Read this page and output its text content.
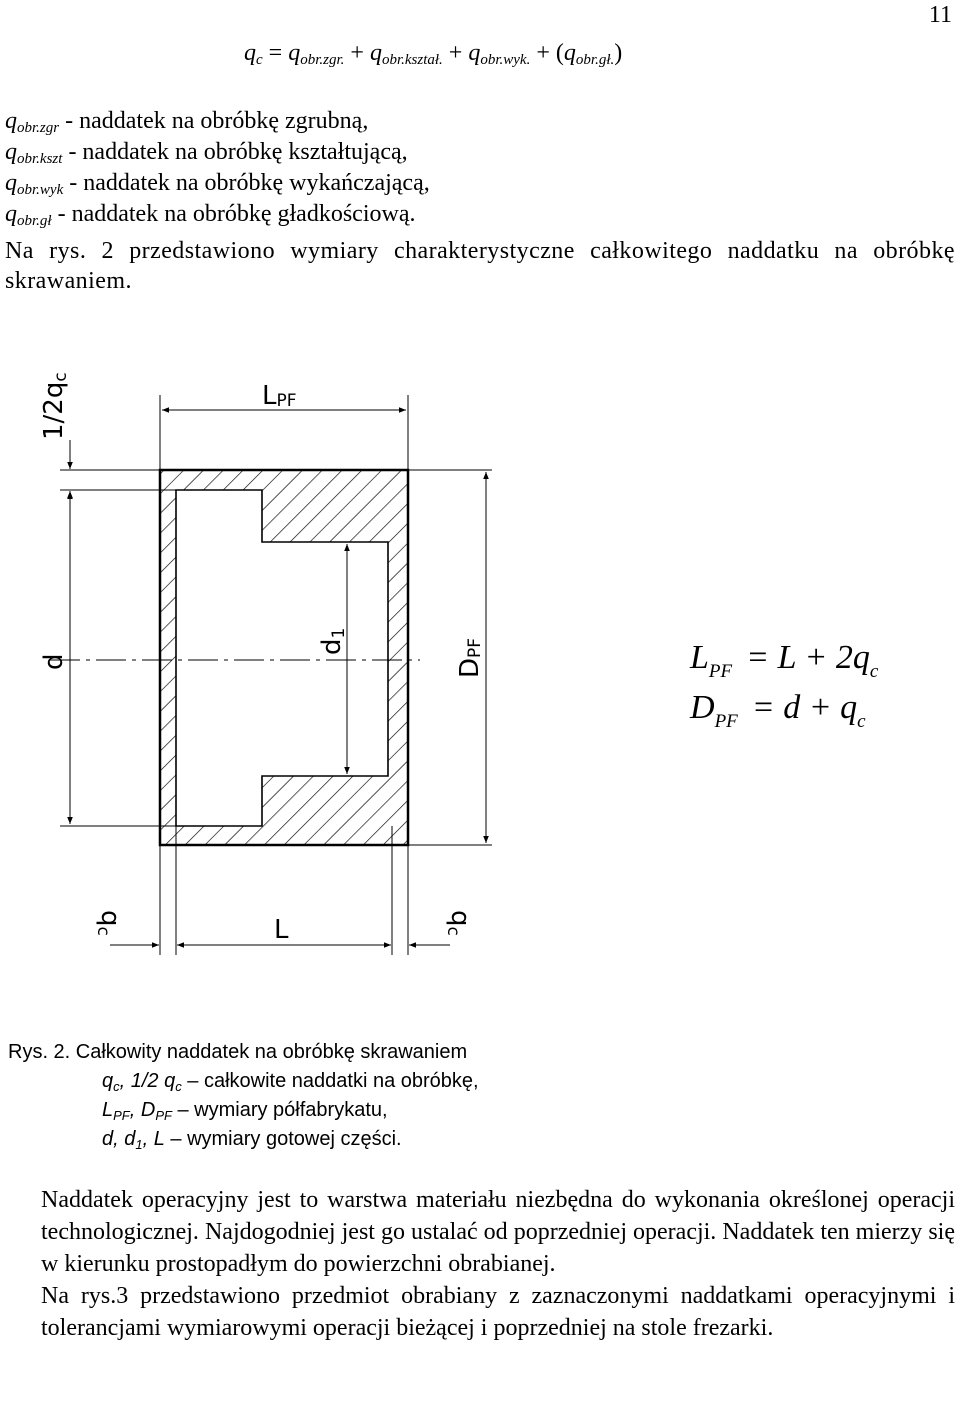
11
$q_c = q_{obr.zgr.} + q_{obr.kształ.} + q_{obr.wyk.} + (q_{obr.gł.})$
$q_{obr.zgr}$ - naddatek na obróbkę zgrubną,
$q_{obr.kszt}$ - naddatek na obróbkę kształtującą,
$q_{obr.wyk}$ - naddatek na obróbkę wykańczającą,
$q_{obr.gł}$ - naddatek na obróbkę gładkościową.
Na rys. 2 przedstawiono wymiary charakterystyczne całkowitego naddatku na obróbkę skrawaniem.
1/2qc
LPF
d
d1
DPF
qc	L	qc
$L_{PF} = L + 2q_c$
$D_{PF} = d + q_c$
Rys. 2. Całkowity naddatek na obróbkę skrawaniem
$q_c$, 1/2 $q_c$ – całkowite naddatki na obróbkę,
$L_{PF}$, $D_{PF}$ – wymiary półfabrykatu,
d, $d_1$, L – wymiary gotowej części.
Naddatek operacyjny jest to warstwa materiału niezbędna do wykonania określonej operacji technologicznej. Najdogodniej jest go ustalać od poprzedniej operacji. Naddatek ten mierzy się w kierunku prostopadłym do powierzchni obrabianej.
Na rys.3 przedstawiono przedmiot obrabiany z zaznaczonymi naddatkami operacyjnymi i tolerancjami wymiarowymi operacji bieżącej i poprzedniej na stole frezarki.
